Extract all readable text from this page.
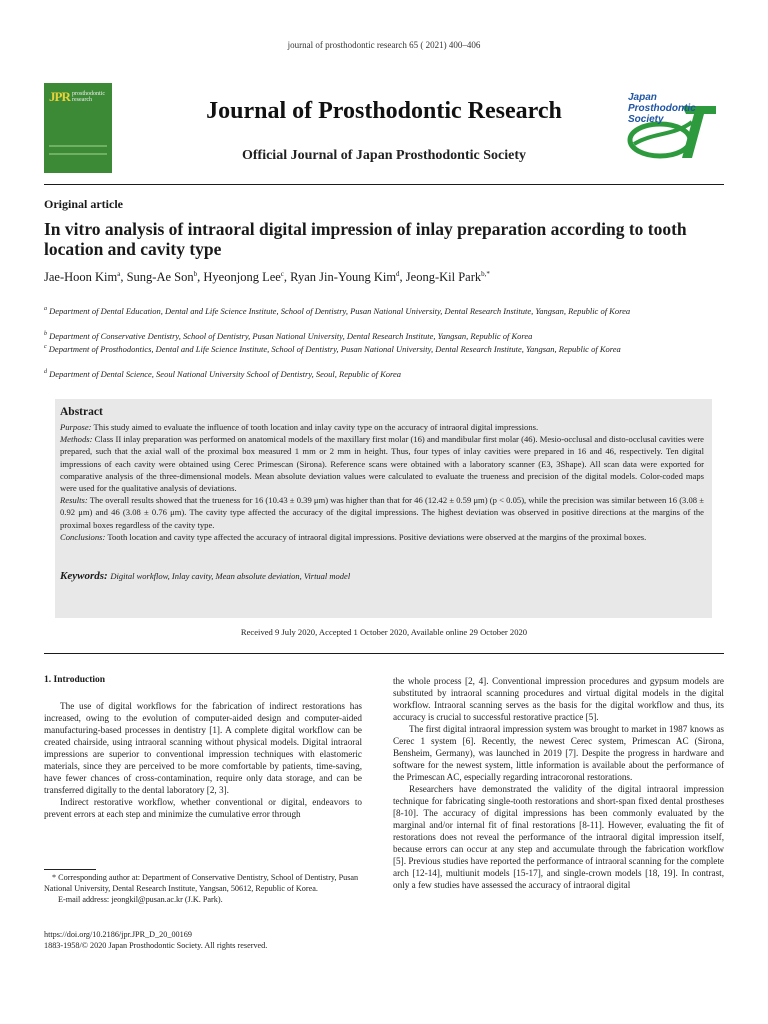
journal of prosthodontic research 65 ( 2021) 400–406
JPR prosthodontic
research	Journal of Prosthodontic Research
Official Journal of Japan Prosthodontic Society
Japan
Prosthodontic
Society
Original article
In vitro analysis of intraoral digital impression of inlay preparation according to tooth location and cavity type
Jae-Hoon Kim$^a$, Sung-Ae Son$^b$, Hyeonjong Lee$^c$, Ryan Jin-Young Kim$^d$, Jeong-Kil Park$^{b,*}$
$^a$ Department of Dental Education, Dental and Life Science Institute, School of Dentistry, Pusan National University, Dental Research Institute, Yangsan, Republic of Korea
$^b$ Department of Conservative Dentistry, School of Dentistry, Pusan National University, Dental Research Institute, Yangsan, Republic of Korea
$^c$ Department of Prosthodontics, Dental and Life Science Institute, School of Dentistry, Pusan National University, Dental Research Institute, Yangsan, Republic of Korea
$^d$ Department of Dental Science, Seoul National University School of Dentistry, Seoul, Republic of Korea
Abstract
Purpose: This study aimed to evaluate the influence of tooth location and inlay cavity type on the accuracy of intraoral digital impressions.
Methods: Class II inlay preparation was performed on anatomical models of the maxillary first molar (16) and mandibular first molar (46). Mesio-occlusal and disto-occlusal cavities were prepared, such that the axial wall of the proximal box measured 1 mm or 2 mm in height. Thus, four types of inlay cavities were prepared in 16 and 46, respectively. Ten digital impressions of each cavity were obtained using Cerec Primescan (Sirona). Reference scans were obtained with a laboratory scanner (E3, 3Shape). All scan data were exported for comparative analysis of the three-dimensional models. Mean absolute deviation values were calculated to evaluate the trueness and precision of the digital models. Color-coded maps were used for the qualitative analysis of deviations.
Results: The overall results showed that the trueness for 16 (10.43 ± 0.39 μm) was higher than that for 46 (12.42 ± 0.59 μm) (p < 0.05), while the precision was similar between 16 (3.08 ± 0.92 μm) and 46 (3.08 ± 0.76 μm). The cavity type affected the accuracy of the digital impressions. The highest deviation was observed in positive directions at the margins of the proximal boxes regardless of the cavity type.
Conclusions: Tooth location and cavity type affected the accuracy of intraoral digital impressions. Positive deviations were observed at the margins of the proximal boxes.
Keywords: Digital workflow, Inlay cavity, Mean absolute deviation, Virtual model
Received 9 July 2020, Accepted 1 October 2020, Available online 29 October 2020
1. Introduction

The use of digital workflows for the fabrication of indirect restorations has increased, owing to the evolution of computer-aided design and computer-aided manufacturing-based processes in dentistry [1]. A complete digital workflow can be created chairside, using intraoral scanning without physical models. Digital intraoral impressions are superior to conventional impression techniques with elastomeric materials, since they are perceived to be more comfortable by patients, time-saving, have fewer chances of cross-contamination, require only data storage, and can be transferred digitally to the dental laboratory [2, 3].

Indirect restorative workflow, whether conventional or digital, endeavors to prevent errors at each step and minimize the cumulative error through

the whole process [2, 4]. Conventional impression procedures and gypsum models are substituted by intraoral scanning procedures and virtual digital models in the digital workflow. Intraoral scanning serves as the basis for the digital workflow and thus, its accuracy is crucial to successful restorative practice [5].

The first digital intraoral impression system was brought to market in 1987 knows as Cerec 1 system [6]. Recently, the newest Cerec system, Primescan AC (Sirona, Bensheim, Germany), was launched in 2019 [7]. Despite the progress in hardware and software for the newest system, little information is available about the performance of the Primescan AC, especially regarding intracoronal restorations.

Researchers have demonstrated the validity of the digital intraoral impression technique for fabricating single-tooth restorations and short-span fixed dental prostheses [8-10]. The accuracy of digital impressions has been commonly evaluated by the marginal and/or internal fit of final restorations [8-11]. However, evaluating the fit of restorations does not reveal the performance of the intraoral digital impression itself, because errors can occur at any step and accumulate through the fabrication workflow [5]. Previous studies have reported the performance of intraoral scanning for the complete arch [12-14], multiunit models [15-17], and single-crown models [18, 19]. In contrast, only a few studies have assessed the accuracy of intraoral digital

* Corresponding author at: Department of Conservative Dentistry, School of Dentistry, Pusan National University, Dental Research Institute, Yangsan, 50612, Republic of Korea.

E-mail address: jeongkil@pusan.ac.kr (J.K. Park).

https://doi.org/10.2186/jpr.JPR_D_20_00169
1883-1958/© 2020 Japan Prosthodontic Society. All rights reserved.
